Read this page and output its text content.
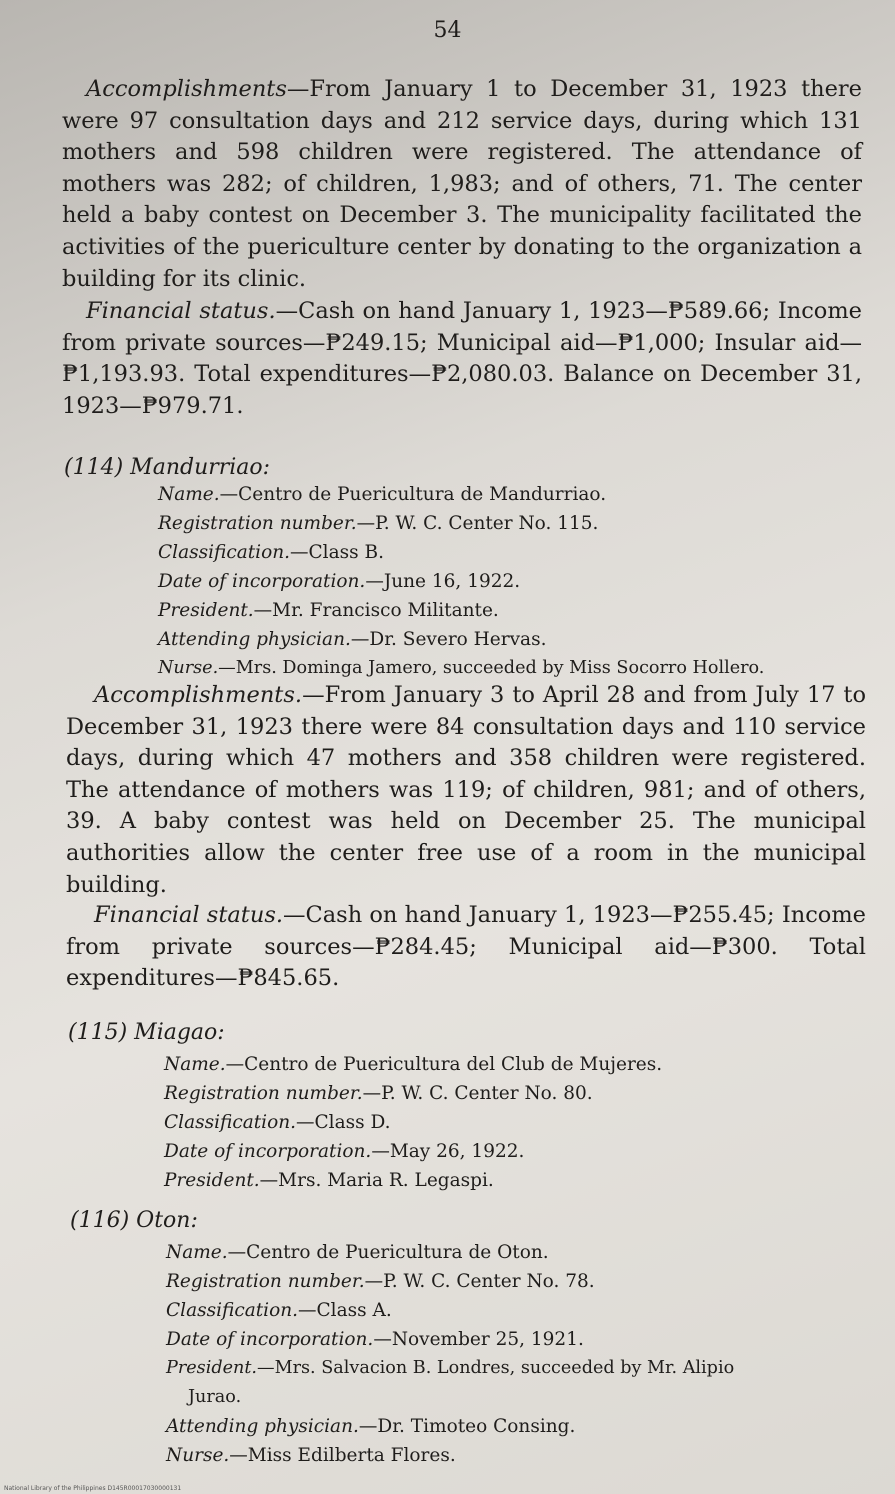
54

Accomplishments—From January 1 to December 31, 1923 there were 97 consultation days and 212 service days, during which 131 mothers and 598 children were registered. The attendance of mothers was 282; of children, 1,983; and of others, 71. The center held a baby contest on December 3. The municipality facilitated the activities of the puericulture center by donating to the organization a building for its clinic.

Financial status.—Cash on hand January 1, 1923—₱589.66; Income from private sources—₱249.15; Municipal aid—₱1,000; Insular aid—₱1,193.93. Total expenditures—₱2,080.03. Balance on December 31, 1923—₱979.71.

(114) Mandurriao:
Name.—Centro de Puericultura de Mandurriao.
Registration number.—P. W. C. Center No. 115.
Classification.—Class B.
Date of incorporation.—June 16, 1922.
President.—Mr. Francisco Militante.
Attending physician.—Dr. Severo Hervas.
Nurse.—Mrs. Dominga Jamero, succeeded by Miss Socorro Hollero.

Accomplishments.—From January 3 to April 28 and from July 17 to December 31, 1923 there were 84 consultation days and 110 service days, during which 47 mothers and 358 children were registered. The attendance of mothers was 119; of children, 981; and of others, 39. A baby contest was held on December 25. The municipal authorities allow the center free use of a room in the municipal building.

Financial status.—Cash on hand January 1, 1923—₱255.45; Income from private sources—₱284.45; Municipal aid—₱300. Total expenditures—₱845.65.

(115) Miagao:
Name.—Centro de Puericultura del Club de Mujeres.
Registration number.—P. W. C. Center No. 80.
Classification.—Class D.
Date of incorporation.—May 26, 1922.
President.—Mrs. Maria R. Legaspi.
(116) Oton:
Name.—Centro de Puericultura de Oton.
Registration number.—P. W. C. Center No. 78.
Classification.—Class A.
Date of incorporation.—November 25, 1921.
President.—Mrs. Salvacion B. Londres, succeeded by Mr. Alipio
Jurao.
Attending physician.—Dr. Timoteo Consing.
Nurse.—Miss Edilberta Flores.
National Library of the Philippines D145R00017030000131
